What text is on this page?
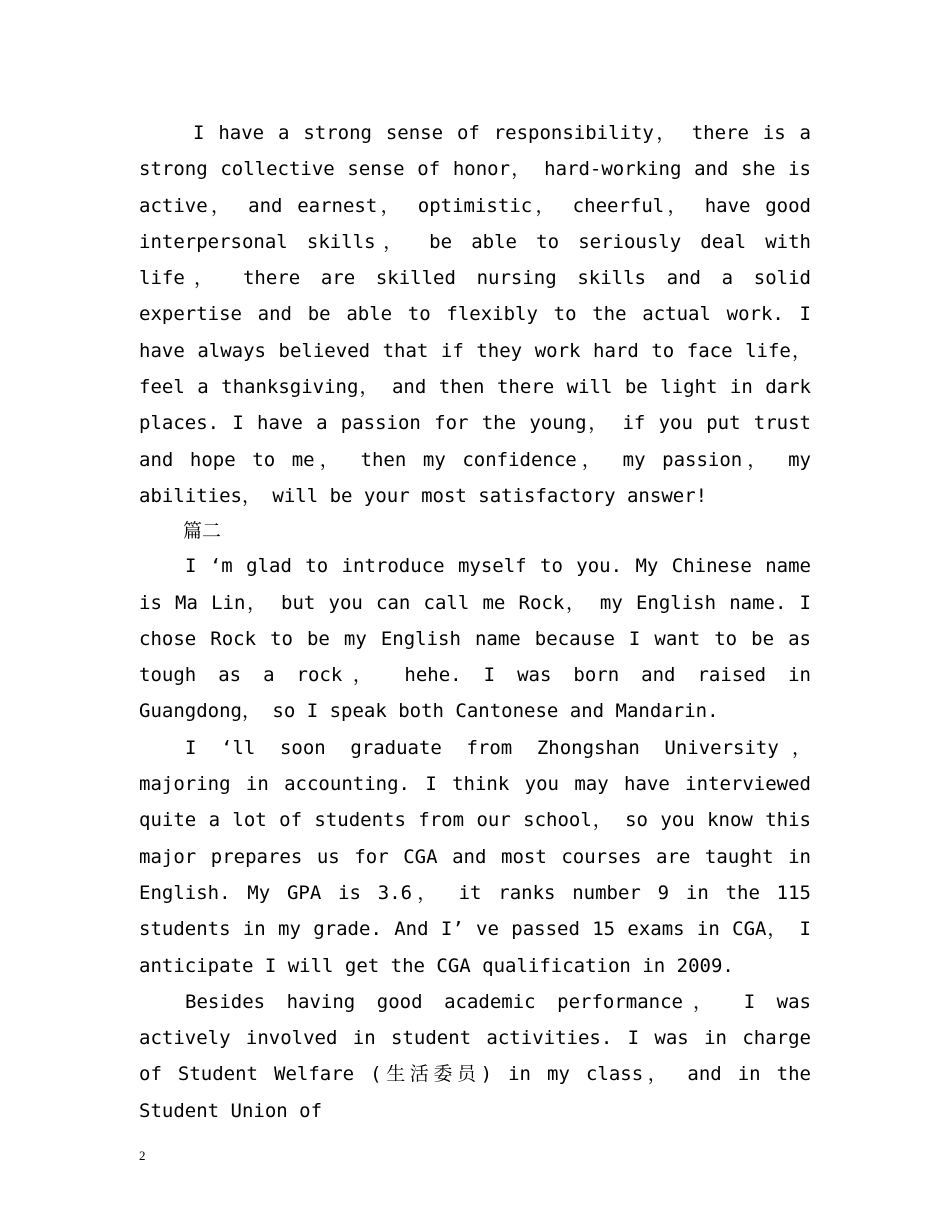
I have a strong sense of responsibility， there is a strong collective sense of honor， hard-working and she is active， and earnest， optimistic， cheerful， have good interpersonal skills， be able to seriously deal with life， there are skilled nursing skills and a solid expertise and be able to flexibly to the actual work. I have always believed that if they work hard to face life， feel a thanksgiving， and then there will be light in dark places. I have a passion for the young， if you put trust and hope to me， then my confidence， my passion， my abilities， will be your most satisfactory answer!

篇二

I ‘m glad to introduce myself to you. My Chinese name is Ma Lin， but you can call me Rock， my English name. I chose Rock to be my English name because I want to be as tough as a rock， hehe. I was born and raised in Guangdong， so I speak both Cantonese and Mandarin.

I ‘ll soon graduate from Zhongshan University， majoring in accounting. I think you may have interviewed quite a lot of students from our school， so you know this major prepares us for CGA and most courses are taught in English. My GPA is 3.6， it ranks number 9 in the 115 students in my grade. And I’ ve passed 15 exams in CGA， I anticipate I will get the CGA qualification in 2009.

Besides having good academic performance， I was actively involved in student activities. I was in charge of Student Welfare (生活委员) in my class， and in the Student Union of

2
